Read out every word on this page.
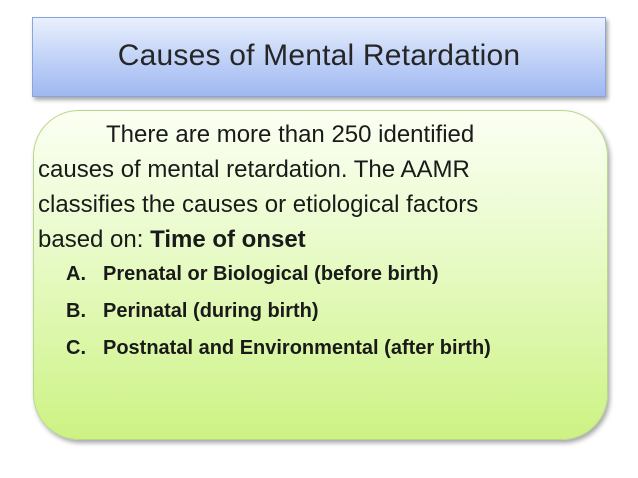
Causes of Mental Retardation

There are more than 250 identified
causes of mental retardation. The AAMR
classifies the causes or etiological factors
based on: Time of onset

A. Prenatal or Biological (before birth)
B. Perinatal (during birth)
C. Postnatal and Environmental (after birth)
